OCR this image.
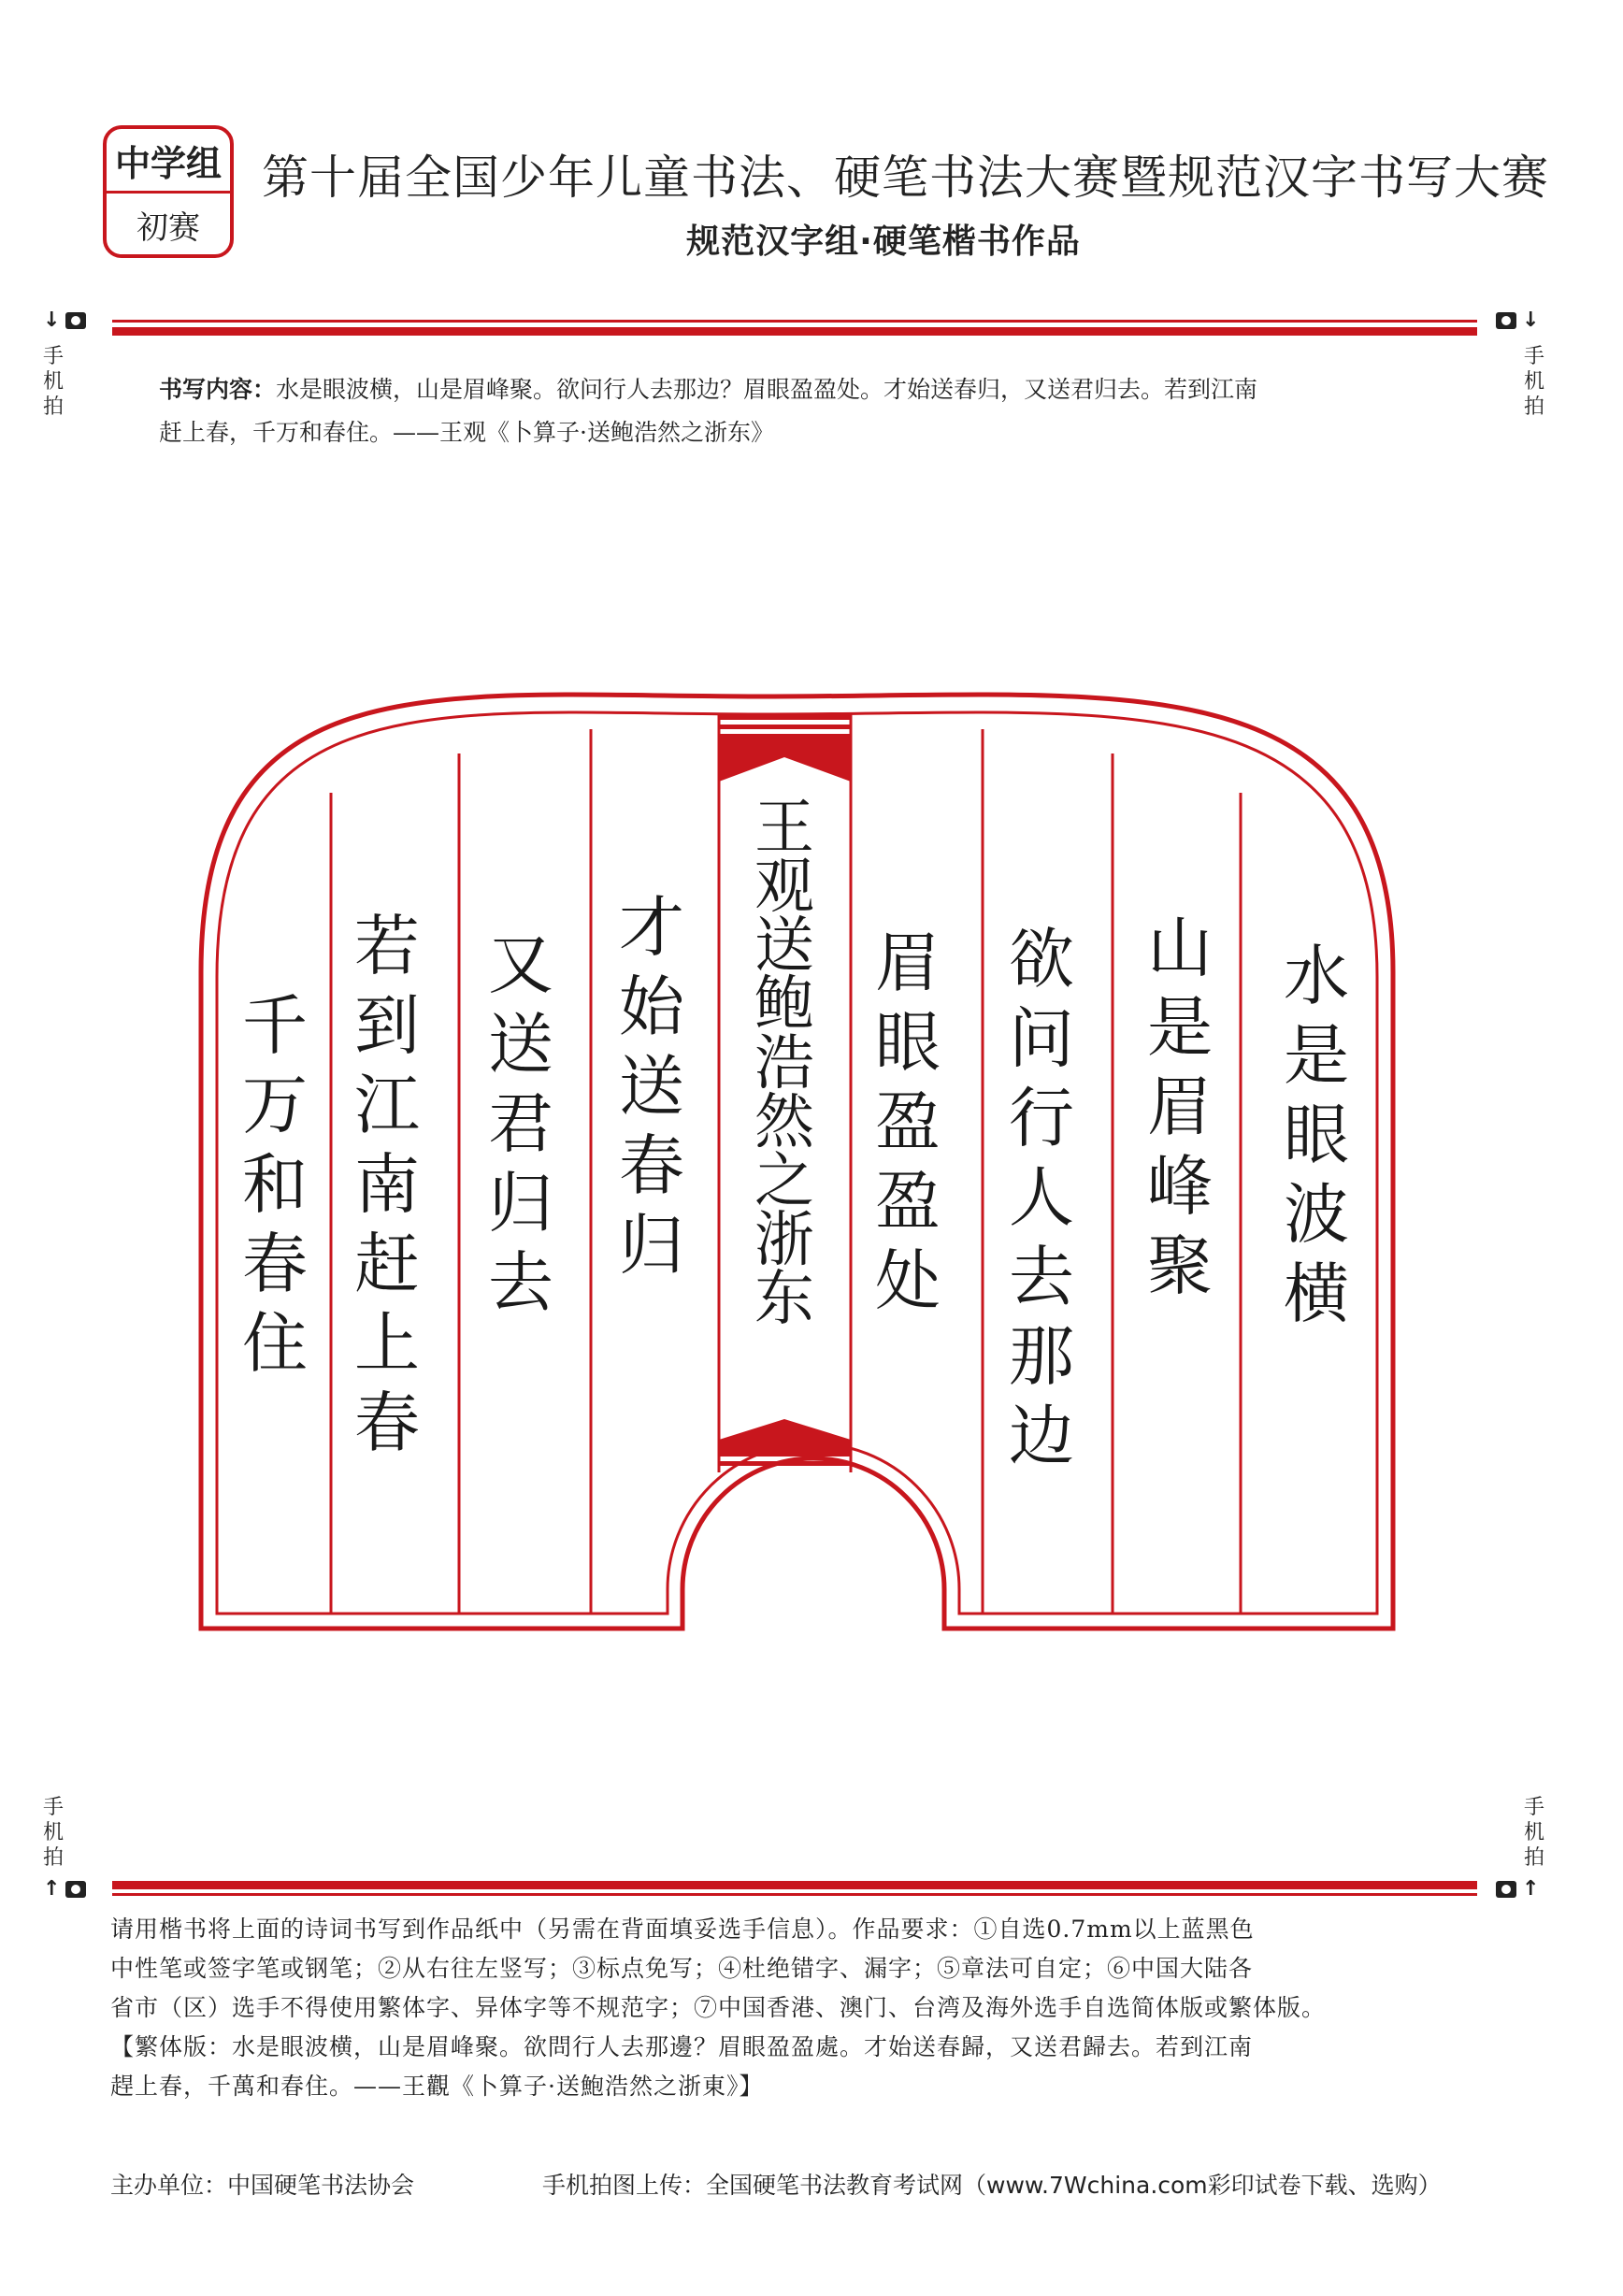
中学组
初赛
第十届全国少年儿童书法、硬笔书法大赛暨规范汉字书写大赛
规范汉字组·硬笔楷书作品
↓	↓
手
机
拍
手
机
拍
手
机
拍
手
机
拍
书写内容：水是眼波横，山是眉峰聚。欲问行人去那边？眉眼盈盈处。才始送春归，又送君归去。若到江南
赶上春，千万和春住。——王观《卜算子·送鲍浩然之浙东》
水
是
眼
波
横
山
是
眉
峰
聚
欲
问
行
人
去
那
边
眉
眼
盈
盈
处
王
观
送
鲍
浩
然
之
浙
东
才
始
送
春
归
又
送
君
归
去
若
到
江
南
赶
上
春
千
万
和
春
住
↑	↑
请用楷书将上面的诗词书写到作品纸中（另需在背面填妥选手信息）。作品要求：①自选0.7mm以上蓝黑色
中性笔或签字笔或钢笔；②从右往左竖写；③标点免写；④杜绝错字、漏字；⑤章法可自定；⑥中国大陆各
省市（区）选手不得使用繁体字、异体字等不规范字；⑦中国香港、澳门、台湾及海外选手自选简体版或繁体版。
【繁体版：水是眼波横，山是眉峰聚。欲問行人去那邊？眉眼盈盈處。才始送春歸，又送君歸去。若到江南
趕上春，千萬和春住。——王觀《卜算子·送鮑浩然之浙東》】
主办单位：中国硬笔书法协会	手机拍图上传：全国硬笔书法教育考试网（www.7Wchina.com彩印试卷下载、选购）
